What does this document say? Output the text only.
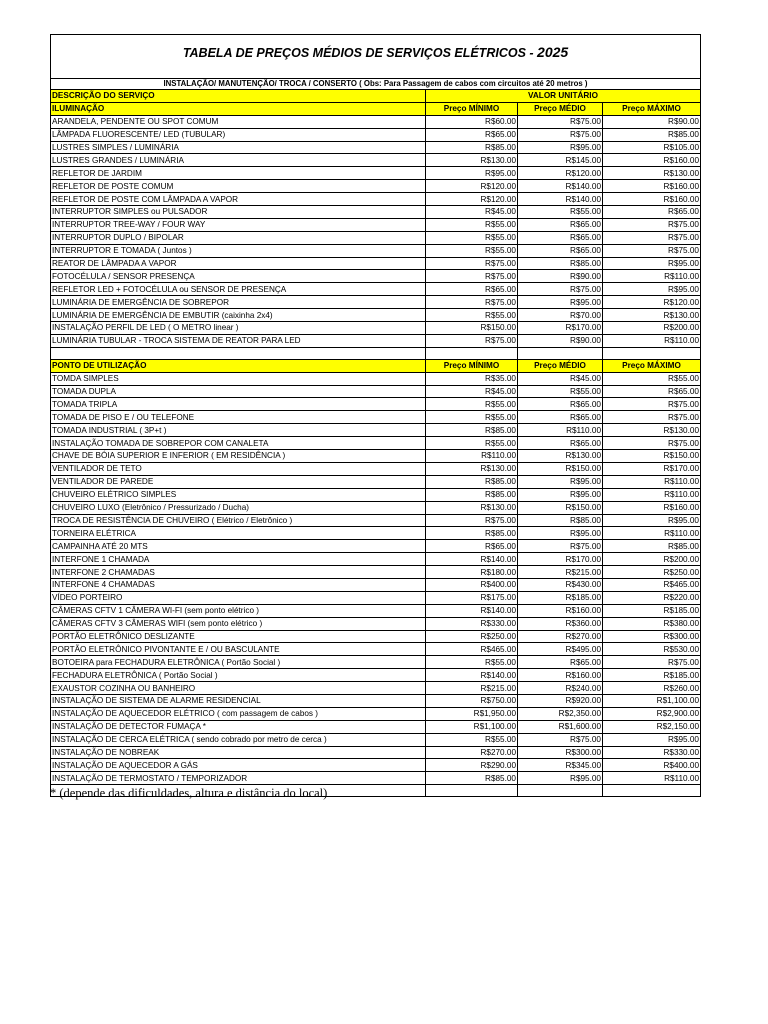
TABELA DE PREÇOS MÉDIOS DE SERVIÇOS ELÉTRICOS - 2025			

INSTALAÇÃO/ MANUTENÇÃO/ TROCA / CONSERTO ( Obs: Para Passagem de cabos com circuitos até 20 metros )			
DESCRIÇÃO DO SERVIÇO	VALOR UNITÁRIO		
ILUMINAÇÃO	Preço MÍNIMO	Preço MÉDIO	Preço MÁXIMO
ARANDELA, PENDENTE OU SPOT COMUM	R$60.00	R$75.00	R$90.00
LÂMPADA FLUORESCENTE/ LED (TUBULAR)	R$65.00	R$75.00	R$85.00
LUSTRES SIMPLES / LUMINÁRIA	R$85.00	R$95.00	R$105.00
LUSTRES GRANDES / LUMINÁRIA	R$130.00	R$145.00	R$160.00
REFLETOR DE JARDIM	R$95.00	R$120.00	R$130.00
REFLETOR DE POSTE COMUM	R$120.00	R$140.00	R$160.00
REFLETOR DE POSTE COM LÂMPADA A VAPOR	R$120.00	R$140.00	R$160.00
INTERRUPTOR SIMPLES ou PULSADOR	R$45.00	R$55.00	R$65.00
INTERRUPTOR TREE-WAY / FOUR WAY	R$55.00	R$65.00	R$75.00
INTERRUPTOR DUPLO / BIPOLAR	R$55.00	R$65.00	R$75.00
INTERRUPTOR E TOMADA ( Juntos )	R$55.00	R$65.00	R$75.00
REATOR DE LÂMPADA A VAPOR	R$75.00	R$85.00	R$95.00
FOTOCÉLULA / SENSOR PRESENÇA	R$75.00	R$90.00	R$110.00
REFLETOR LED + FOTOCÉLULA ou SENSOR DE PRESENÇA	R$65.00	R$75.00	R$95.00
LUMINÁRIA DE EMERGÊNCIA DE SOBREPOR	R$75.00	R$95.00	R$120.00
LUMINÁRIA DE EMERGÊNCIA DE EMBUTIR (caixinha 2x4)	R$55.00	R$70.00	R$130.00
INSTALAÇÃO PERFIL DE LED ( O METRO linear )	R$150.00	R$170.00	R$200.00
LUMINÁRIA TUBULAR - TROCA SISTEMA DE REATOR PARA LED	R$75.00	R$90.00	R$110.00

PONTO DE UTILIZAÇÃO	Preço MÍNIMO	Preço MÉDIO	Preço MÁXIMO
TOMDA SIMPLES	R$35.00	R$45.00	R$55.00
TOMADA DUPLA	R$45.00	R$55.00	R$65.00
TOMADA TRIPLA	R$55.00	R$65.00	R$75.00
TOMADA DE PISO E / OU TELEFONE	R$55.00	R$65.00	R$75.00
TOMADA INDUSTRIAL ( 3P+t )	R$85.00	R$110.00	R$130.00
INSTALAÇÃO TOMADA DE SOBREPOR COM CANALETA	R$55.00	R$65.00	R$75.00
CHAVE DE BÓIA SUPERIOR E INFERIOR ( EM RESIDÊNCIA )	R$110.00	R$130.00	R$150.00
VENTILADOR DE TETO	R$130.00	R$150.00	R$170.00
VENTILADOR DE PAREDE	R$85.00	R$95.00	R$110.00
CHUVEIRO ELÉTRICO SIMPLES	R$85.00	R$95.00	R$110.00
CHUVEIRO LUXO (Eletrônico / Pressurizado / Ducha)	R$130.00	R$150.00	R$160.00
TROCA DE RESISTÊNCIA DE CHUVEIRO ( Elétrico / Eletrônico )	R$75.00	R$85.00	R$95.00
TORNEIRA ELÉTRICA	R$85.00	R$95.00	R$110.00
CAMPAINHA ATÉ 20 MTS	R$65.00	R$75.00	R$85.00
INTERFONE 1 CHAMADA	R$140.00	R$170.00	R$200.00
INTERFONE 2 CHAMADAS	R$180.00	R$215.00	R$250.00
INTERFONE 4 CHAMADAS	R$400.00	R$430.00	R$465.00
VÍDEO PORTEIRO	R$175.00	R$185.00	R$220.00
CÂMERAS CFTV 1 CÂMERA WI-FI (sem ponto elétrico )	R$140.00	R$160.00	R$185.00
CÂMERAS CFTV 3 CÂMERAS WIFI (sem ponto elétrico )	R$330.00	R$360.00	R$380.00
PORTÃO ELETRÔNICO DESLIZANTE	R$250.00	R$270.00	R$300.00
PORTÃO ELETRÔNICO PIVONTANTE E / OU BASCULANTE	R$465.00	R$495.00	R$530.00
BOTOEIRA para FECHADURA ELETRÔNICA ( Portão Social )	R$55.00	R$65.00	R$75.00
FECHADURA ELETRÔNICA ( Portão Social )	R$140.00	R$160.00	R$185.00
EXAUSTOR COZINHA OU BANHEIRO	R$215.00	R$240.00	R$260.00
INSTALAÇÃO DE SISTEMA DE ALARME RESIDENCIAL	R$750.00	R$920.00	R$1,100.00
INSTALAÇÃO DE AQUECEDOR ELÉTRICO ( com passagem de cabos )	R$1,950.00	R$2,350.00	R$2,900.00
INSTALAÇÃO DE DETECTOR FUMAÇA *	R$1,100.00	R$1,600.00	R$2,150.00
INSTALAÇÃO DE CERCA ELÉTRICA ( sendo cobrado por metro de cerca )	R$55.00	R$75.00	R$95.00
INSTALAÇÃO DE NOBREAK	R$270.00	R$300.00	R$330.00
INSTALAÇÃO DE AQUECEDOR A GÁS	R$290.00	R$345.00	R$400.00
INSTALAÇÃO DE TERMOSTATO / TEMPORIZADOR	R$85.00	R$95.00	R$110.00

* (depende das dificuldades, altura e distância do local)
